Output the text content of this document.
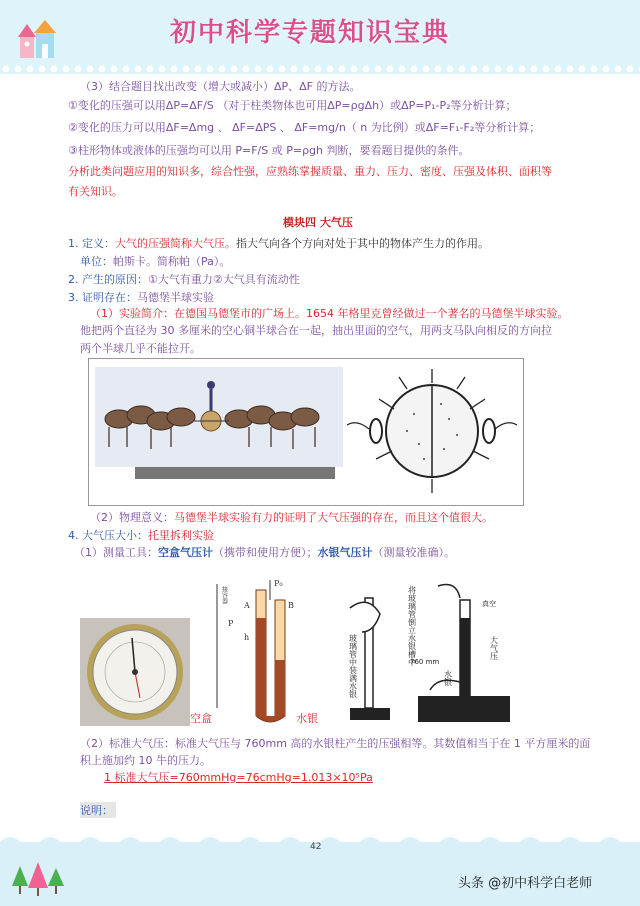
初中科学专题知识宝典
（3）结合题目找出改变（增大或减小）ΔP、ΔF 的方法。
①变化的压强可以用ΔP=ΔF/S （对于柱类物体也可用ΔP=ρgΔh）或ΔP=P₁-P₂等分析计算；
②变化的压力可以用ΔF=Δmg 、 ΔF=ΔPS 、 ΔF=mg/n（ n 为比例）或ΔF=F₁-F₂等分析计算；
③柱形物体或液体的压强均可以用 P=F/S 或 P=ρgh 判断，要看题目提供的条件。
分析此类问题应用的知识多，综合性强，应熟练掌握质量、重力、压力、密度、压强及体积、面积等
有关知识。
模块四 大气压
1. 定义：大气的压强简称大气压。指大气向各个方向对处于其中的物体产生力的作用。
单位：帕斯卡。简称帕（Pa）。
2. 产生的原因：①大气有重力②大气具有流动性
3. 证明存在：马德堡半球实验
（1）实验简介：在德国马德堡市的广场上。1654 年格里克曾经做过一个著名的马德堡半球实验。
他把两个直径为 30 多厘米的空心铜半球合在一起，抽出里面的空气，用两支马队向相反的方向拉
两个半球几乎不能拉开。
（2）物理意义：马德堡半球实验有力的证明了大气压强的存在，而且这个值很大。
4. 大气压大小：托里拆利实验
（1）测量工具：空盒气压计（携带和使用方便）；水银气压计（测量较准确）。
P₀
A	B
P
h
接容器
玻璃管中装满水银	将玻璃管倒立水银槽中	真空
760 mm
大气压
水银
空盒	水银
（2）标准大气压：标准大气压与 760mm 高的水银柱产生的压强相等。其数值相当于在 1 平方厘米的面
积上施加约 10 牛的压力。
1 标准大气压=760mmHg=76cmHg=1.013×10⁵Pa
说明：
42
头条 @初中科学白老师
